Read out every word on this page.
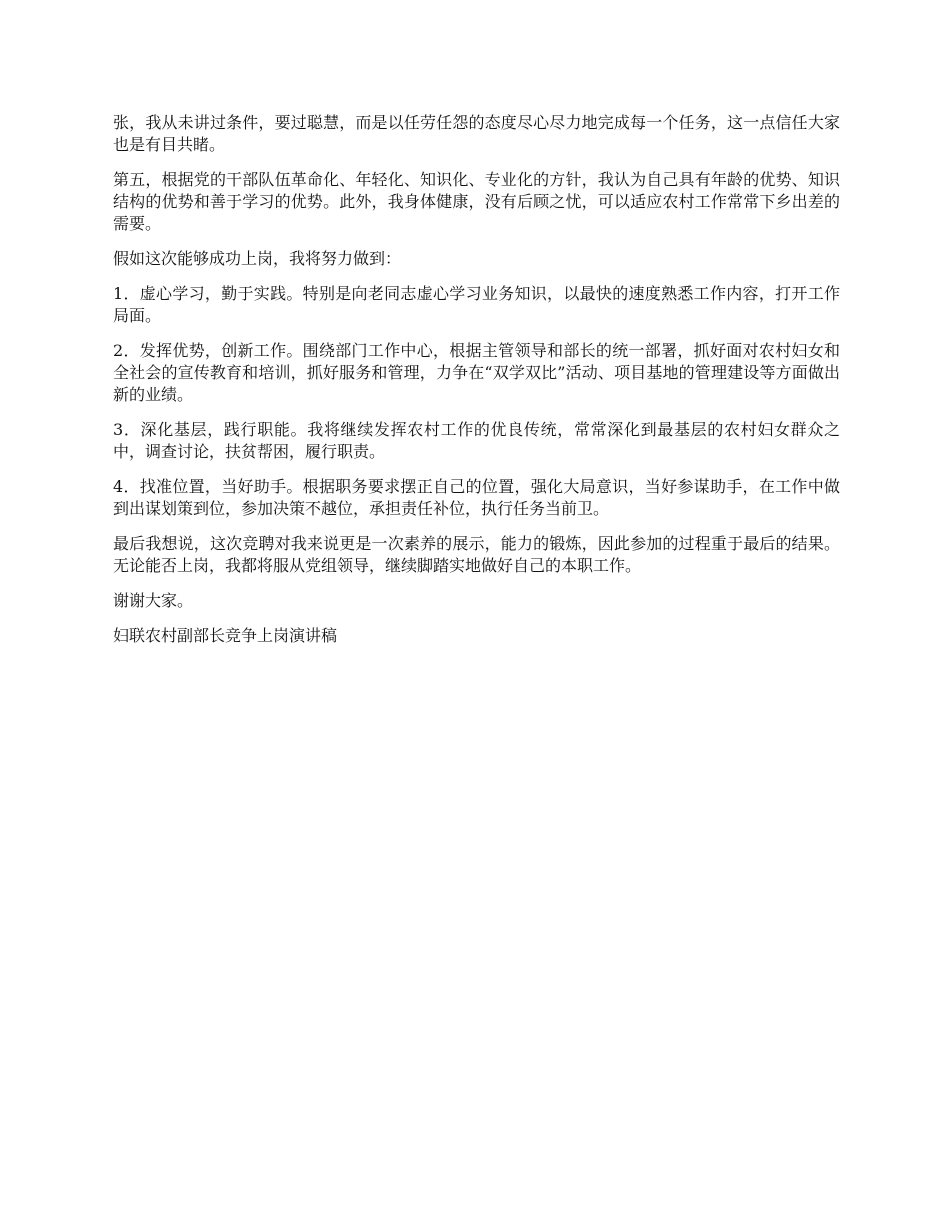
张，我从未讲过条件，要过聪慧，而是以任劳任怨的态度尽心尽力地完成每一个任务，这一点信任大家也是有目共睹。

第五，根据党的干部队伍革命化、年轻化、知识化、专业化的方针，我认为自己具有年龄的优势、知识结构的优势和善于学习的优势。此外，我身体健康，没有后顾之忧，可以适应农村工作常常下乡出差的需要。

假如这次能够成功上岗，我将努力做到：

1．虚心学习，勤于实践。特别是向老同志虚心学习业务知识，以最快的速度熟悉工作内容，打开工作局面。

2．发挥优势，创新工作。围绕部门工作中心，根据主管领导和部长的统一部署，抓好面对农村妇女和全社会的宣传教育和培训，抓好服务和管理，力争在“双学双比”活动、项目基地的管理建设等方面做出新的业绩。

3．深化基层，践行职能。我将继续发挥农村工作的优良传统，常常深化到最基层的农村妇女群众之中，调查讨论，扶贫帮困，履行职责。

4．找准位置，当好助手。根据职务要求摆正自己的位置，强化大局意识，当好参谋助手，在工作中做到出谋划策到位，参加决策不越位，承担责任补位，执行任务当前卫。

最后我想说，这次竞聘对我来说更是一次素养的展示，能力的锻炼，因此参加的过程重于最后的结果。无论能否上岗，我都将服从党组领导，继续脚踏实地做好自己的本职工作。

谢谢大家。

妇联农村副部长竞争上岗演讲稿
